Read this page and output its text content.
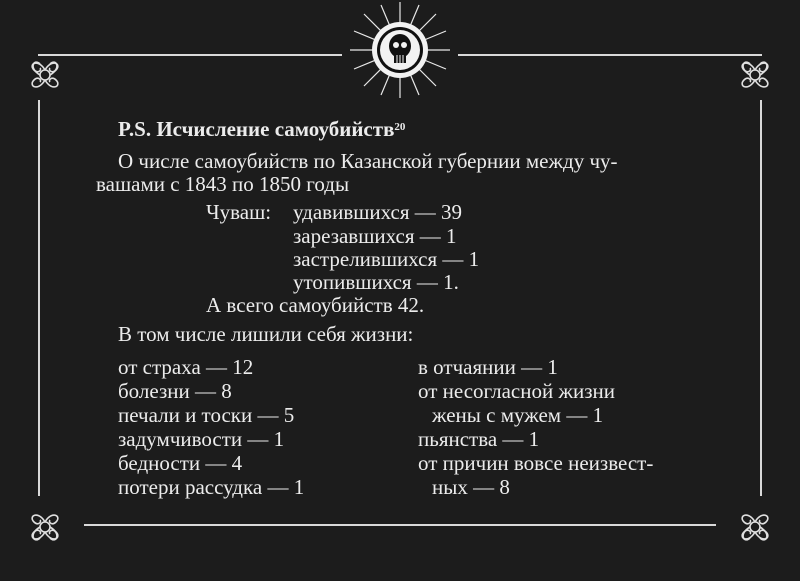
P.S. Исчисление самоубийств$^{20}$
О числе самоубийств по Казанской губернии между чу-
вашами с 1843 по 1850 годы
Чуваш: удавившихся — 39
зарезавшихся — 1
застрелившихся — 1
утопившихся — 1.
А всего самоубийств 42.
В том числе лишили себя жизни:
от страха — 12
болезни — 8
печали и тоски — 5
задумчивости — 1
бедности — 4
потери рассудка — 1
в отчаянии — 1
от несогласной жизни
жены с мужем — 1
пьянства — 1
от причин вовсе неизвест-
ных — 8
